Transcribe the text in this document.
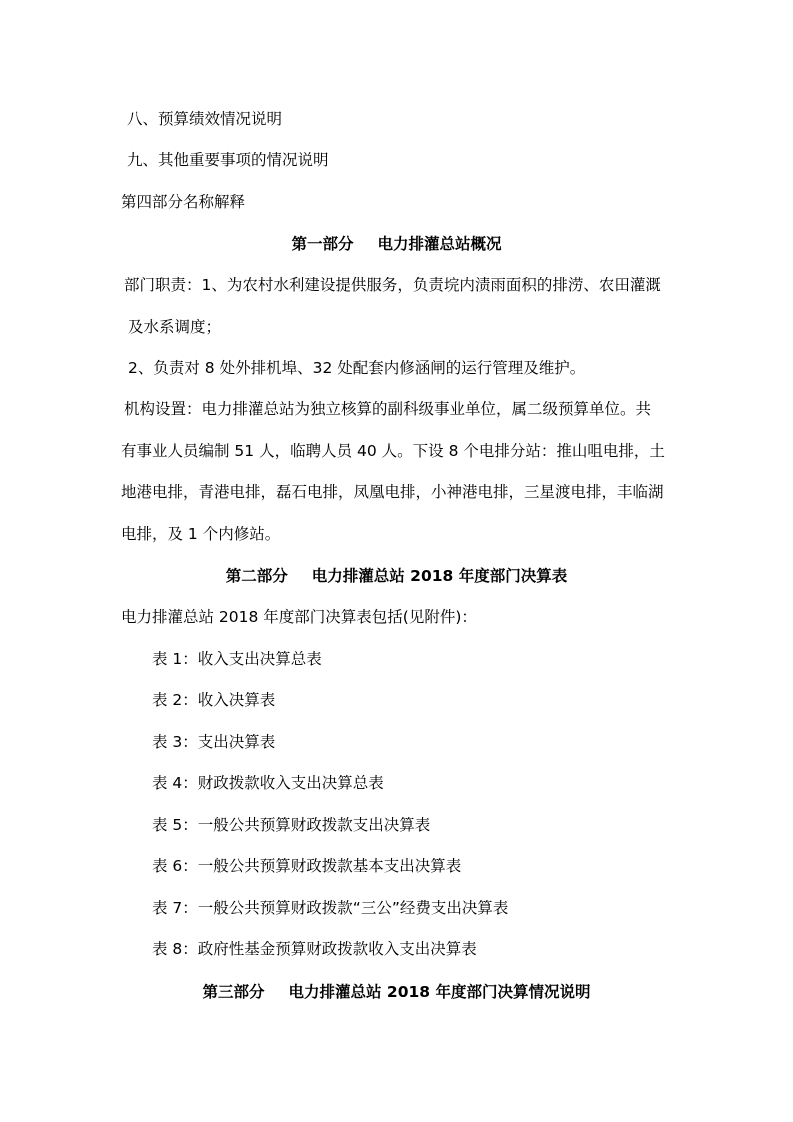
八、预算绩效情况说明
九、其他重要事项的情况说明
第四部分名称解释
第一部分 电力排灌总站概况
部门职责：1、为农村水利建设提供服务，负责垸内渍雨面积的排涝、农田灌溉
及水系调度；
2、负责对 8 处外排机埠、32 处配套内修涵闸的运行管理及维护。
机构设置：电力排灌总站为独立核算的副科级事业单位，属二级预算单位。共
有事业人员编制 51 人，临聘人员 40 人。下设 8 个电排分站：推山咀电排，土
地港电排，青港电排，磊石电排，凤凰电排，小神港电排，三星渡电排，丰临湖
电排，及 1 个内修站。
第二部分 电力排灌总站 2018 年度部门决算表
电力排灌总站 2018 年度部门决算表包括(见附件)：
表 1：收入支出决算总表
表 2：收入决算表
表 3：支出决算表
表 4：财政拨款收入支出决算总表
表 5：一般公共预算财政拨款支出决算表
表 6：一般公共预算财政拨款基本支出决算表
表 7：一般公共预算财政拨款“三公”经费支出决算表
表 8：政府性基金预算财政拨款收入支出决算表
第三部分 电力排灌总站 2018 年度部门决算情况说明
